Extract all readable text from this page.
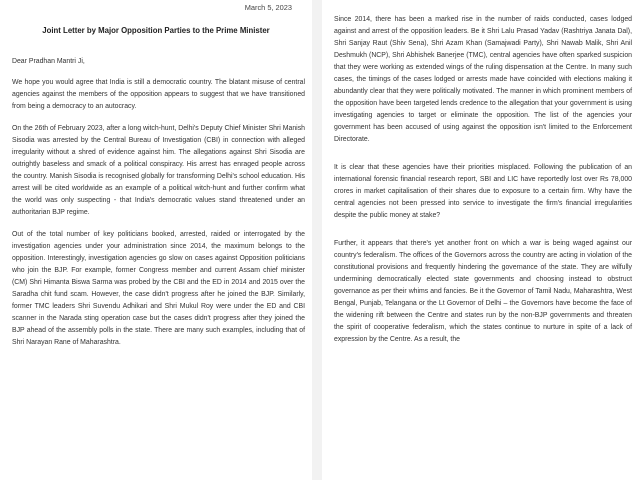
March 5, 2023
Joint Letter by Major Opposition Parties to the Prime Minister

Dear Pradhan Mantri Ji,

We hope you would agree that India is still a democratic country. The blatant misuse of central agencies against the members of the opposition appears to suggest that we have transitioned from being a democracy to an autocracy.

On the 26th of February 2023, after a long witch-hunt, Delhi's Deputy Chief Minister Shri Manish Sisodia was arrested by the Central Bureau of Investigation (CBI) in connection with alleged irregularity without a shred of evidence against him. The allegations against Shri Sisodia are outrightly baseless and smack of a political conspiracy. His arrest has enraged people across the country. Manish Sisodia is recognised globally for transforming Delhi's school education. His arrest will be cited worldwide as an example of a political witch-hunt and further confirm what the world was only suspecting - that India's democratic values stand threatened under an authoritarian BJP regime.

Out of the total number of key politicians booked, arrested, raided or interrogated by the investigation agencies under your administration since 2014, the maximum belongs to the opposition. Interestingly, investigation agencies go slow on cases against Opposition politicians who join the BJP. For example, former Congress member and current Assam chief minister (CM) Shri Himanta Biswa Sarma was probed by the CBI and the ED in 2014 and 2015 over the Saradha chit fund scam. However, the case didn't progress after he joined the BJP. Similarly, former TMC leaders Shri Suvendu Adhikari and Shri Mukul Roy were under the ED and CBI scanner in the Narada sting operation case but the cases didn't progress after they joined the BJP ahead of the assembly polls in the state. There are many such examples, including that of Shri Narayan Rane of Maharashtra.

Since 2014, there has been a marked rise in the number of raids conducted, cases lodged against and arrest of the opposition leaders. Be it Shri Lalu Prasad Yadav (Rashtriya Janata Dal), Shri Sanjay Raut (Shiv Sena), Shri Azam Khan (Samajwadi Party), Shri Nawab Malik, Shri Anil Deshmukh (NCP), Shri Abhishek Banerjee (TMC), central agencies have often sparked suspicion that they were working as extended wings of the ruling dispensation at the Centre. In many such cases, the timings of the cases lodged or arrests made have coincided with elections making it abundantly clear that they were politically motivated. The manner in which prominent members of the opposition have been targeted lends credence to the allegation that your government is using investigating agencies to target or eliminate the opposition. The list of the agencies your government has been accused of using against the opposition isn't limited to the Enforcement Directorate.

It is clear that these agencies have their priorities misplaced. Following the publication of an international forensic financial research report, SBI and LIC have reportedly lost over Rs 78,000 crores in market capitalisation of their shares due to exposure to a certain firm. Why have the central agencies not been pressed into service to investigate the firm's financial irregularities despite the public money at stake?

Further, it appears that there's yet another front on which a war is being waged against our country's federalism. The offices of the Governors across the country are acting in violation of the constitutional provisions and frequently hindering the governance of the state. They are wilfully undermining democratically elected state governments and choosing instead to obstruct governance as per their whims and fancies. Be it the Governor of Tamil Nadu, Maharashtra, West Bengal, Punjab, Telangana or the Lt Governor of Delhi – the Governors have become the face of the widening rift between the Centre and states run by the non-BJP governments and threaten the spirit of cooperative federalism, which the states continue to nurture in spite of a lack of expression by the Centre. As a result, the
